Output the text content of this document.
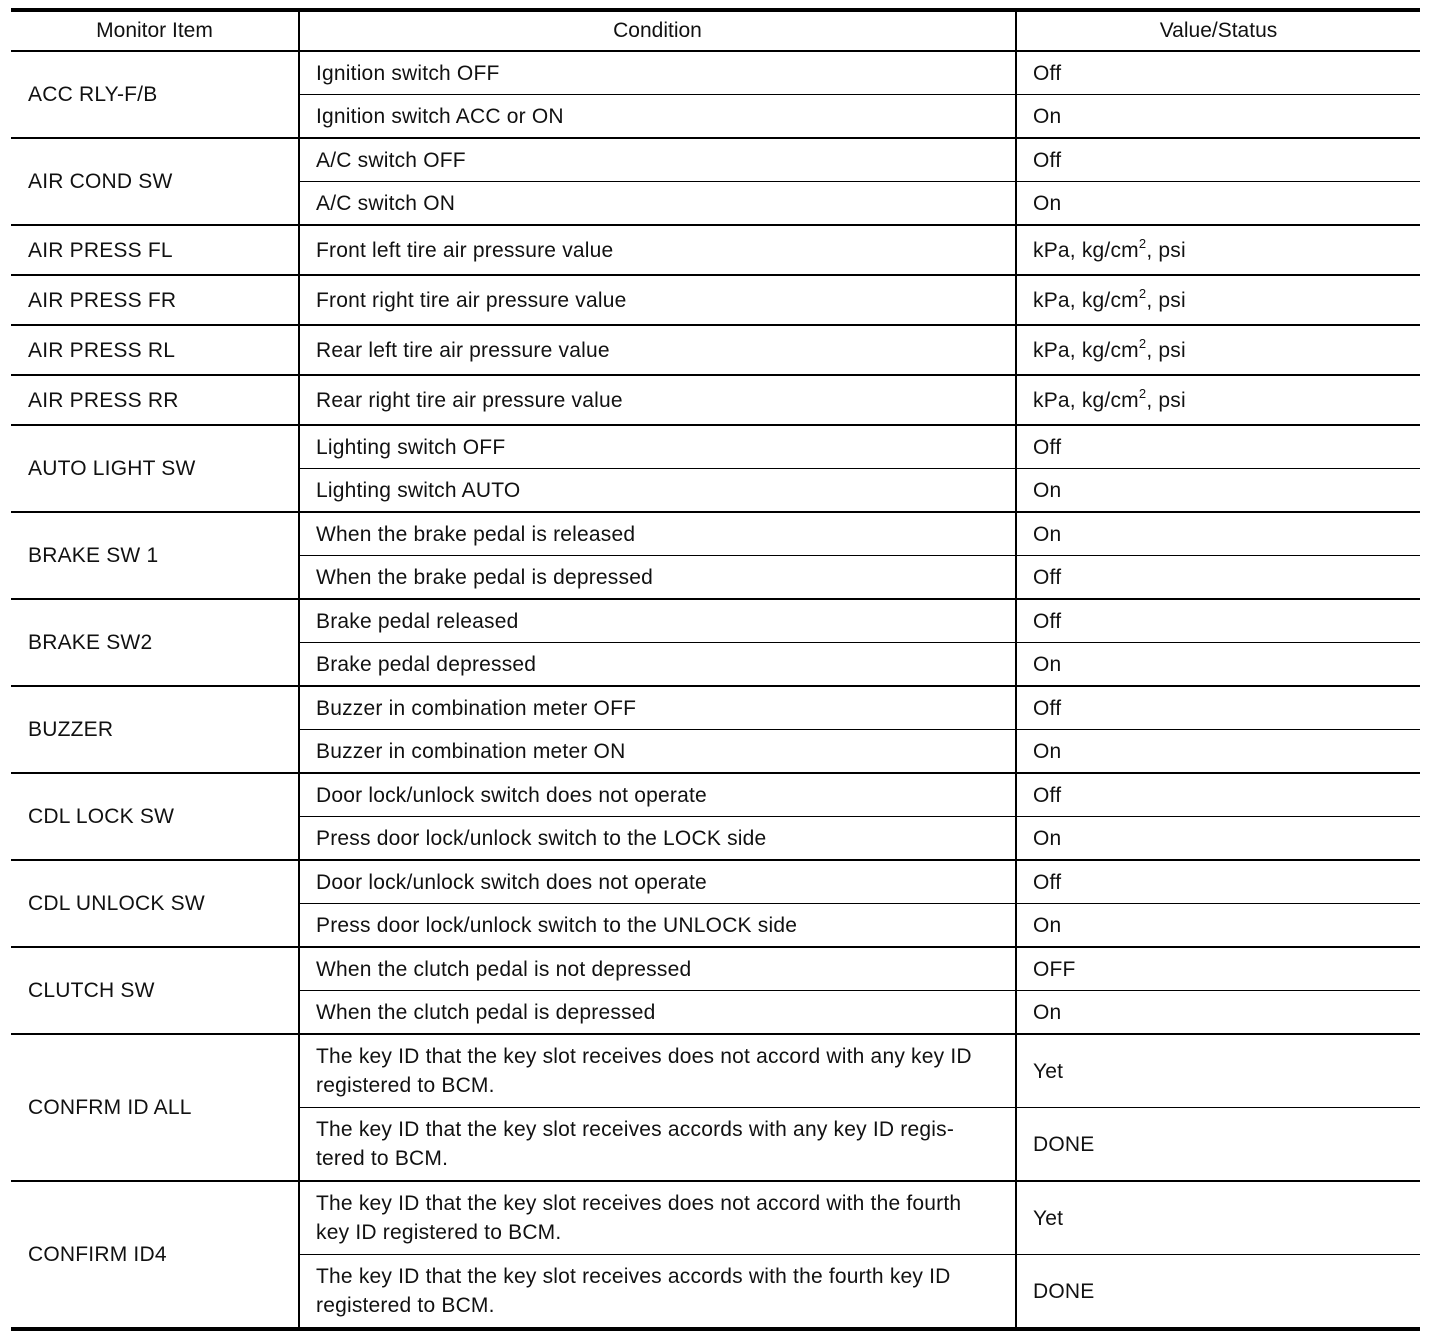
Monitor Item	Condition	Value/Status
ACC RLY-F/B	Ignition switch OFF	Off
	Ignition switch ACC or ON	On
AIR COND SW	A/C switch OFF	Off
	A/C switch ON	On
AIR PRESS FL	Front left tire air pressure value	kPa, $kg/cm^2$, psi
AIR PRESS FR	Front right tire air pressure value	kPa, $kg/cm^2$, psi
AIR PRESS RL	Rear left tire air pressure value	kPa, $kg/cm^2$, psi
AIR PRESS RR	Rear right tire air pressure value	kPa, $kg/cm^2$, psi
AUTO LIGHT SW	Lighting switch OFF	Off
	Lighting switch AUTO	On
BRAKE SW 1	When the brake pedal is released	On
	When the brake pedal is depressed	Off
BRAKE SW2	Brake pedal released	Off
	Brake pedal depressed	On
BUZZER	Buzzer in combination meter OFF	Off
	Buzzer in combination meter ON	On
CDL LOCK SW	Door lock/unlock switch does not operate	Off
	Press door lock/unlock switch to the LOCK side	On
CDL UNLOCK SW	Door lock/unlock switch does not operate	Off
	Press door lock/unlock switch to the UNLOCK side	On
CLUTCH SW	When the clutch pedal is not depressed	OFF
	When the clutch pedal is depressed	On
CONFRM ID ALL	The key ID that the key slot receives does not accord with any key ID registered to BCM.	Yet
	The key ID that the key slot receives accords with any key ID regis-tered to BCM.	DONE
CONFIRM ID4	The key ID that the key slot receives does not accord with the fourth key ID registered to BCM.	Yet
	The key ID that the key slot receives accords with the fourth key ID registered to BCM.	DONE
